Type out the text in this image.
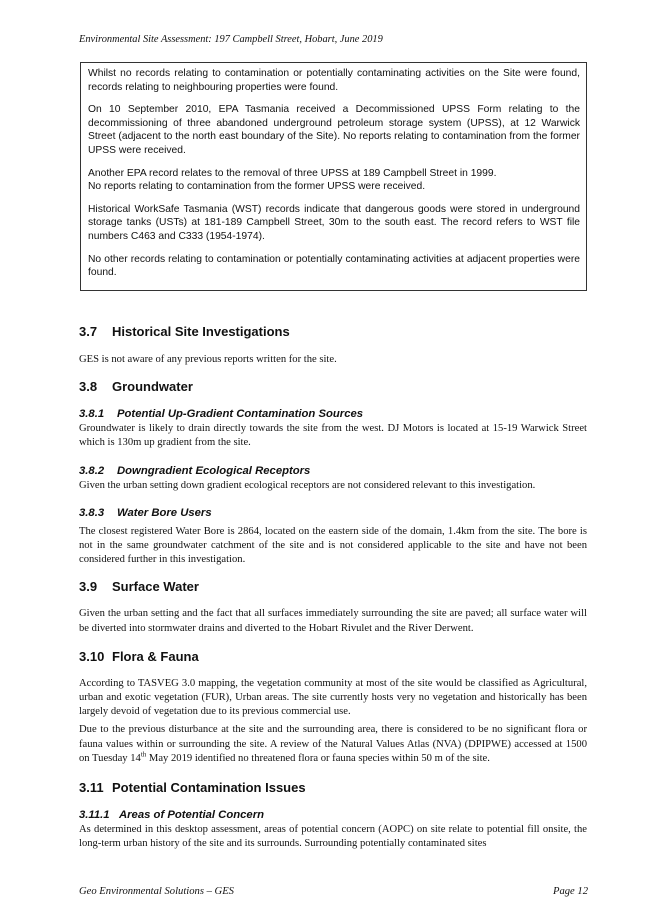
Environmental Site Assessment: 197 Campbell Street, Hobart, June 2019

Whilst no records relating to contamination or potentially contaminating activities on the Site were found, records relating to neighbouring properties were found.

On 10 September 2010, EPA Tasmania received a Decommissioned UPSS Form relating to the decommissioning of three abandoned underground petroleum storage system (UPSS), at 12 Warwick Street (adjacent to the north east boundary of the Site). No reports relating to contamination from the former UPSS were received.

Another EPA record relates to the removal of three UPSS at 189 Campbell Street in 1999.
No reports relating to contamination from the former UPSS were received.

Historical WorkSafe Tasmania (WST) records indicate that dangerous goods were stored in underground storage tanks (USTs) at 181-189 Campbell Street, 30m to the south east. The record refers to WST file numbers C463 and C333 (1954-1974).

No other records relating to contamination or potentially contaminating activities at adjacent properties were found.

3.7 Historical Site Investigations

GES is not aware of any previous reports written for the site.

3.8 Groundwater
3.8.1 Potential Up-Gradient Contamination Sources

Groundwater is likely to drain directly towards the site from the west. DJ Motors is located at 15-19 Warwick Street which is 130m up gradient from the site.

3.8.2 Downgradient Ecological Receptors

Given the urban setting down gradient ecological receptors are not considered relevant to this investigation.

3.8.3 Water Bore Users

The closest registered Water Bore is 2864, located on the eastern side of the domain, 1.4km from the site. The bore is not in the same groundwater catchment of the site and is not considered applicable to the site and have not been considered further in this investigation.

3.9 Surface Water

Given the urban setting and the fact that all surfaces immediately surrounding the site are paved; all surface water will be diverted into stormwater drains and diverted to the Hobart Rivulet and the River Derwent.

3.10 Flora & Fauna

According to TASVEG 3.0 mapping, the vegetation community at most of the site would be classified as Agricultural, urban and exotic vegetation (FUR), Urban areas. The site currently hosts very no vegetation and historically has been largely devoid of vegetation due to its previous commercial use.

Due to the previous disturbance at the site and the surrounding area, there is considered to be no significant flora or fauna values within or surrounding the site. A review of the Natural Values Atlas (NVA) (DPIPWE) accessed at 1500 on Tuesday 14th May 2019 identified no threatened flora or fauna species within 50 m of the site.

3.11 Potential Contamination Issues
3.11.1 Areas of Potential Concern

As determined in this desktop assessment, areas of potential concern (AOPC) on site relate to potential fill onsite, the long-term urban history of the site and its surrounds. Surrounding potentially contaminated sites

Geo Environmental Solutions – GES	Page 12
